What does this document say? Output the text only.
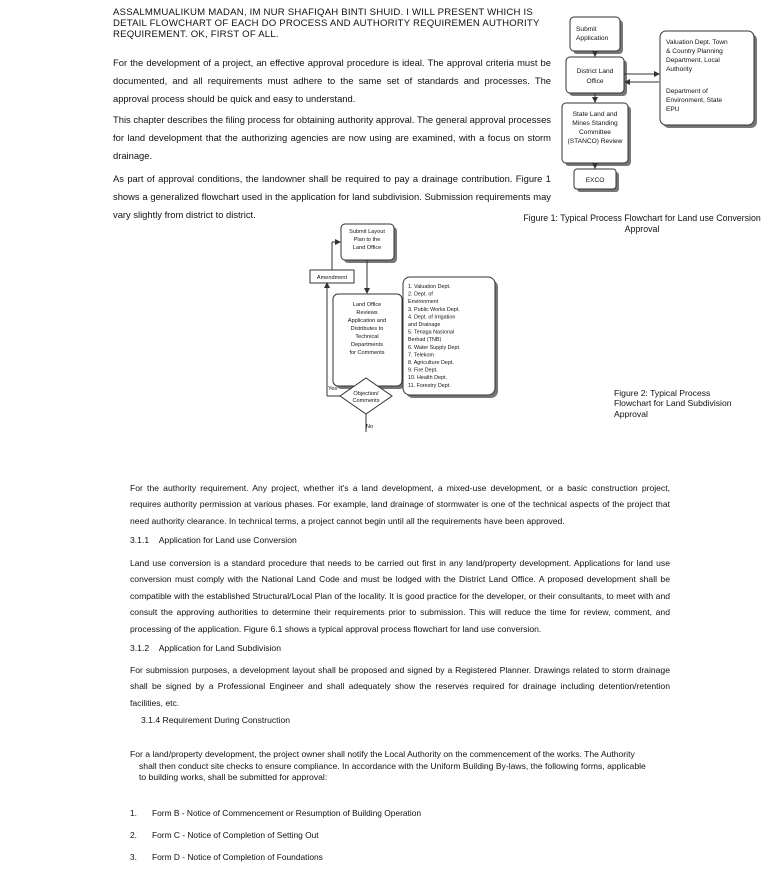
ASSALMMUALIKUM MADAN, IM NUR SHAFIQAH BINTI SHUID. I WILL PRESENT WHICH IS DETAIL FLOWCHART OF EACH DO PROCESS AND AUTHORITY REQUIREMEN AUTHORITY REQUIREMENT. OK, FIRST OF ALL.
For the development of a project, an effective approval procedure is ideal. The approval criteria must be documented, and all requirements must adhere to the same set of standards and processes. The approval process should be quick and easy to understand.
This chapter describes the filing process for obtaining authority approval. The general approval processes for land development that the authorizing agencies are now using are examined, with a focus on storm drainage.
As part of approval conditions, the landowner shall be required to pay a drainage contribution. Figure 1 shows a generalized flowchart used in the application for land subdivision. Submission requirements may vary slightly from district to district.
Submit
Application
District Land
Office
State Land and
Mines Standing
Committee
(STANCO) Review
EXCO
Valuation Dept. Town
& Country Planning
Department, Local
Authority
Department of
Environment, State
EPU
Figure 1: Typical Process Flowchart for Land use Conversion Approval
Submit Layout
Plan to the
Land Office
Amendment
Land Office
Reviews
Application and
Distributes to
Technical
Departments
for Comments
Objection/
Comments
Yes
No
1. Valuation Dept.
2. Dept. of
Environment
3. Public Works Dept.
4. Dept. of Irrigation
and Drainage
5. Tenaga Nasional
Berhad (TNB)
6. Water Supply Dept.
7. Telekom
8. Agriculture Dept.
9. Fire Dept.
10. Health Dept.
11. Forestry Dept.
Figure 2: Typical Process Flowchart for Land Subdivision Approval
For the authority requirement. Any project, whether it's a land development, a mixed-use development, or a basic construction project, requires authority permission at various phases. For example, land drainage of stormwater is one of the technical aspects of the project that need authority clearance. In technical terms, a project cannot begin until all the requirements have been approved.
3.1.1 Application for Land use Conversion
Land use conversion is a standard procedure that needs to be carried out first in any land/property development. Applications for land use conversion must comply with the National Land Code and must be lodged with the District Land Office. A proposed development shall be compatible with the established Structural/Local Plan of the locality. It is good practice for the developer, or their consultants, to meet with and consult the approving authorities to determine their requirements prior to submission. This will reduce the time for review, comment, and processing of the application. Figure 6.1 shows a typical approval process flowchart for land use conversion.
3.1.2 Application for Land Subdivision
For submission purposes, a development layout shall be proposed and signed by a Registered Planner. Drawings related to storm drainage shall be signed by a Professional Engineer and shall adequately show the reserves required for drainage including detention/retention facilities, etc.
3.1.4 Requirement During Construction
For a land/property development, the project owner shall notify the Local Authority on the commencement of the works. The Authority
shall then conduct site checks to ensure compliance. In accordance with the Uniform Building By-laws, the following forms, applicable
to building works, shall be submitted for approval:
1. Form B - Notice of Commencement or Resumption of Building Operation
2. Form C - Notice of Completion of Setting Out
3. Form D - Notice of Completion of Foundations
